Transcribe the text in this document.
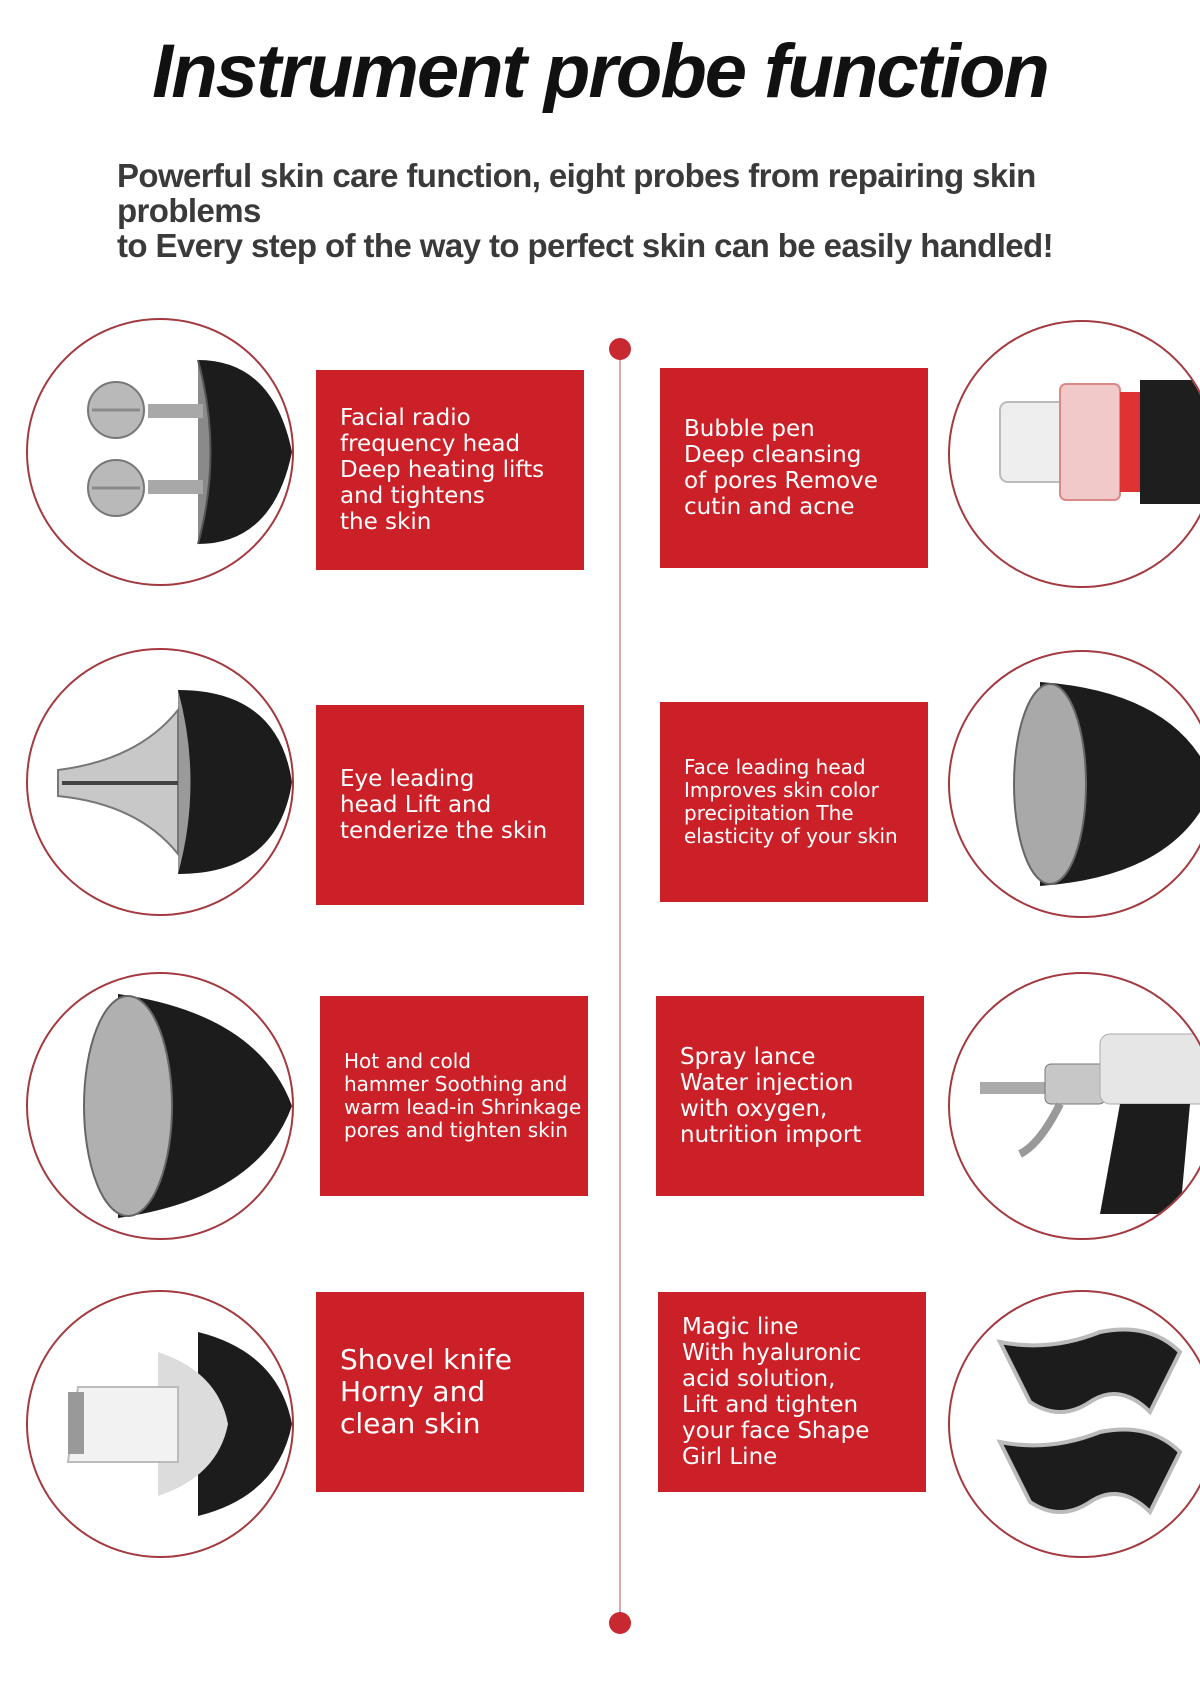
Instrument probe function
Powerful skin care function, eight probes from repairing skin problems
to Every step of the way to perfect skin can be easily handled!
Facial radio
frequency head
Deep heating lifts
and tightens
the skin
Bubble pen
Deep cleansing
of pores Remove
cutin and acne
Eye leading
head Lift and
tenderize the skin
Face leading head
Improves skin color
precipitation The
elasticity of your skin
Hot and cold
hammer Soothing and
warm lead-in Shrinkage
pores and tighten skin
Spray lance
Water injection
with oxygen,
nutrition import
Shovel knife
Horny and
clean skin
Magic line
With hyaluronic
acid solution,
Lift and tighten
your face Shape
Girl Line
